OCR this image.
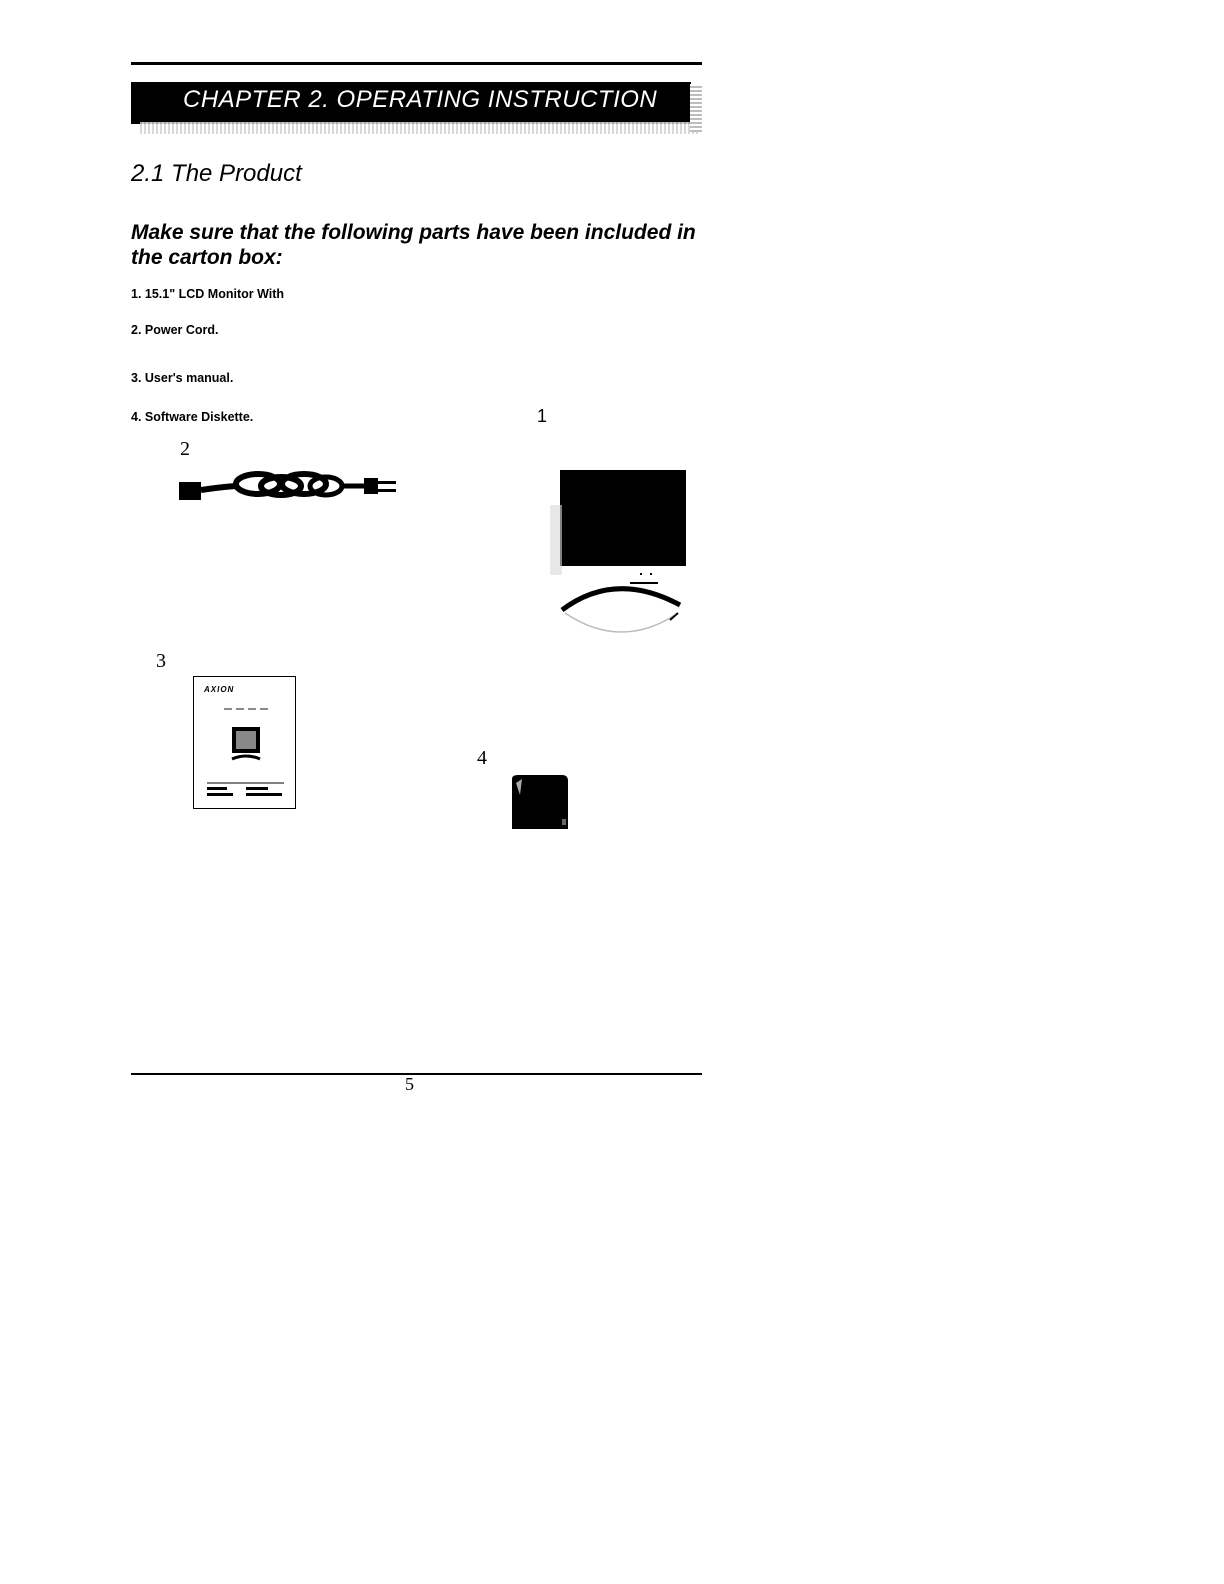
CHAPTER 2. OPERATING INSTRUCTION
2.1 The Product
Make sure that the following parts have been included in the carton box:
1. 15.1" LCD Monitor With
2. Power Cord.
3. User's manual.
4. Software Diskette.	1
2
3
AXION
4
5
